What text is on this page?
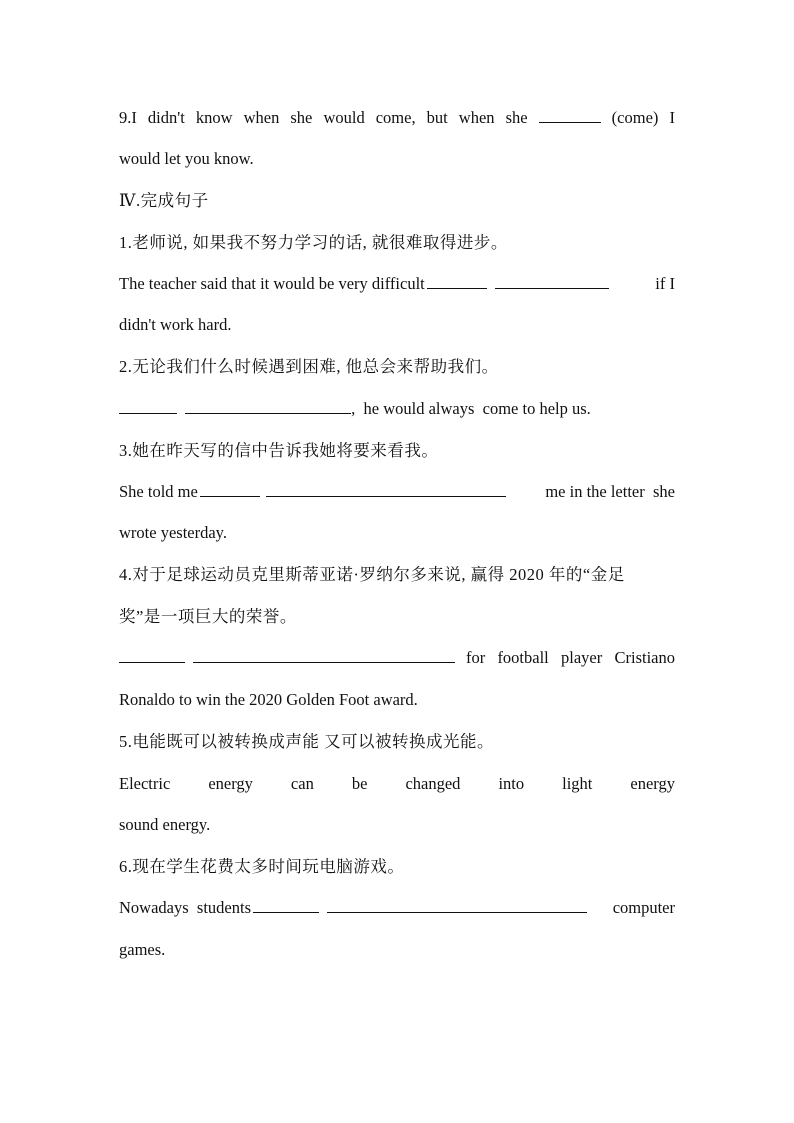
9.I didn't know when she would come, but when she	(come) I
would let you know.
Ⅳ.完成句子
1.老师说, 如果我不努力学习的话, 就很难取得进步。
The teacher said that it would be very difficult	if I
didn't work hard.
2.无论我们什么时候遇到困难, 他总会来帮助我们。
,  he would always  come to help us.
3.她在昨天写的信中告诉我她将要来看我。
She told me	me in the letter  she
wrote yesterday.
4.对于足球运动员克里斯蒂亚诺·罗纳尔多来说, 赢得 2020 年的“金足
奖”是一项巨大的荣誉。
for  football  player  Cristiano
Ronaldo to win the 2020 Golden Foot award.
5.电能既可以被转换成声能 又可以被转换成光能。
Electric energy can be changed into light energy
sound energy.
6.现在学生花费太多时间玩电脑游戏。
Nowadays  students	computer
games.
